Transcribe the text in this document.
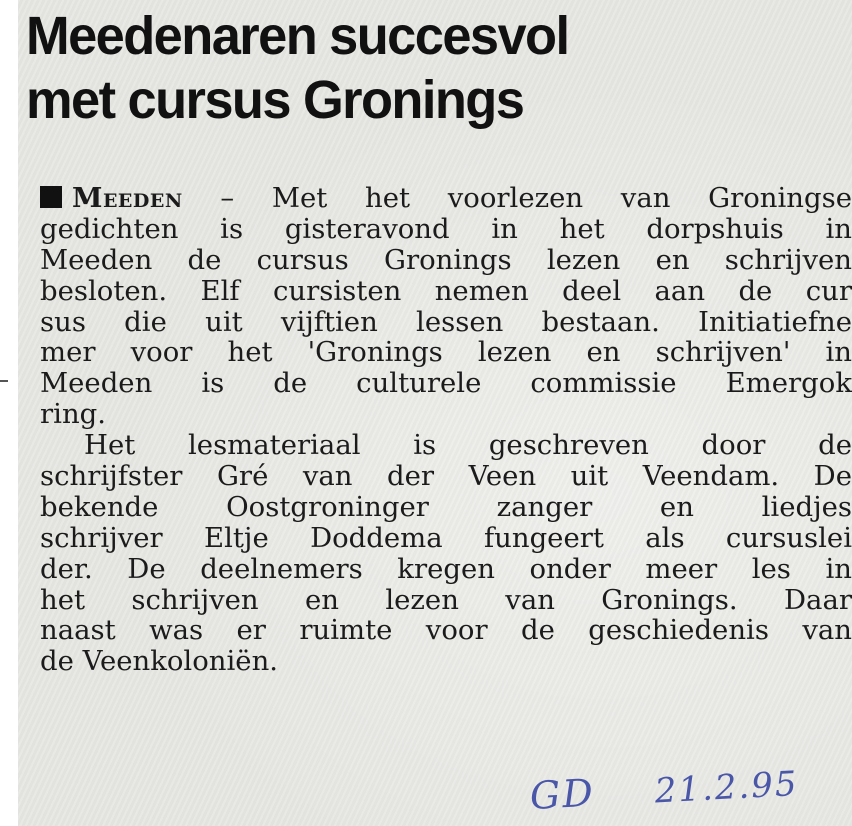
Meedenaren succesvol
met cursus Gronings
Meeden – Met het voorlezen van Groningse
gedichten is gisteravond in het dorpshuis in
Meeden de cursus Gronings lezen en schrijven
besloten. Elf cursisten nemen deel aan de cur
sus die uit vijftien lessen bestaan. Initiatiefne
mer voor het 'Gronings lezen en schrijven' in
Meeden is de culturele commissie Emergok
ring.
Het lesmateriaal is geschreven door de
schrijfster Gré van der Veen uit Veendam. De
bekende Oostgroninger zanger en liedjes
schrijver Eltje Doddema fungeert als cursuslei
der. De deelnemers kregen onder meer les in
het schrijven en lezen van Gronings. Daar
naast was er ruimte voor de geschiedenis van
de Veenkoloniën.
GD 21.2.95
